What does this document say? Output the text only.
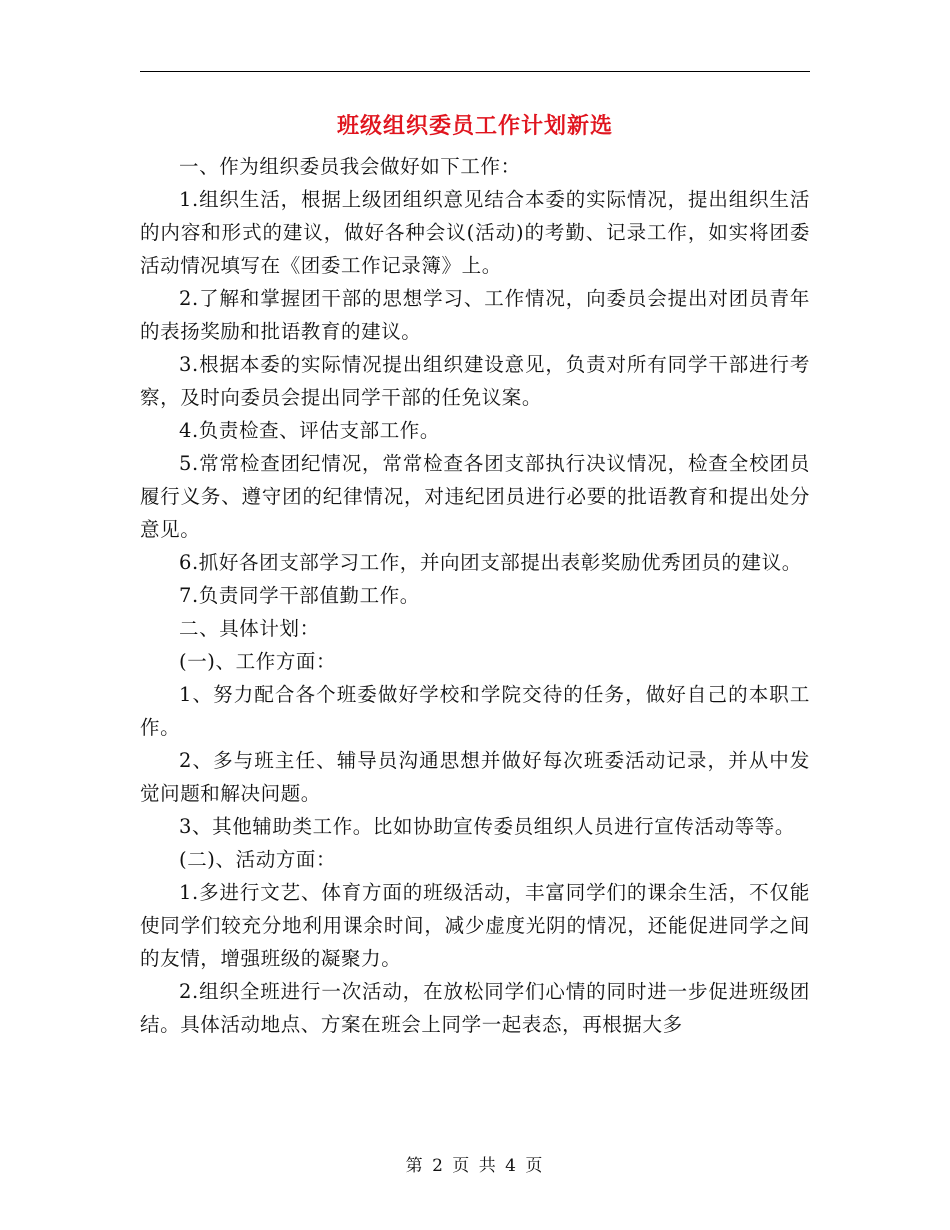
班级组织委员工作计划新选

一、作为组织委员我会做好如下工作：

1.组织生活，根据上级团组织意见结合本委的实际情况，提出组织生活的内容和形式的建议，做好各种会议(活动)的考勤、记录工作，如实将团委活动情况填写在《团委工作记录簿》上。

2.了解和掌握团干部的思想学习、工作情况，向委员会提出对团员青年的表扬奖励和批语教育的建议。

3.根据本委的实际情况提出组织建设意见，负责对所有同学干部进行考察，及时向委员会提出同学干部的任免议案。

4.负责检查、评估支部工作。

5.常常检查团纪情况，常常检查各团支部执行决议情况，检查全校团员履行义务、遵守团的纪律情况，对违纪团员进行必要的批语教育和提出处分意见。

6.抓好各团支部学习工作，并向团支部提出表彰奖励优秀团员的建议。

7.负责同学干部值勤工作。

二、具体计划：

(一)、工作方面：

1、努力配合各个班委做好学校和学院交待的任务，做好自己的本职工作。

2、多与班主任、辅导员沟通思想并做好每次班委活动记录，并从中发觉问题和解决问题。

3、其他辅助类工作。比如协助宣传委员组织人员进行宣传活动等等。

(二)、活动方面：

1.多进行文艺、体育方面的班级活动，丰富同学们的课余生活，不仅能使同学们较充分地利用课余时间，减少虚度光阴的情况，还能促进同学之间的友情，增强班级的凝聚力。

2.组织全班进行一次活动，在放松同学们心情的同时进一步促进班级团结。具体活动地点、方案在班会上同学一起表态，再根据大多

第 2 页 共 4 页
